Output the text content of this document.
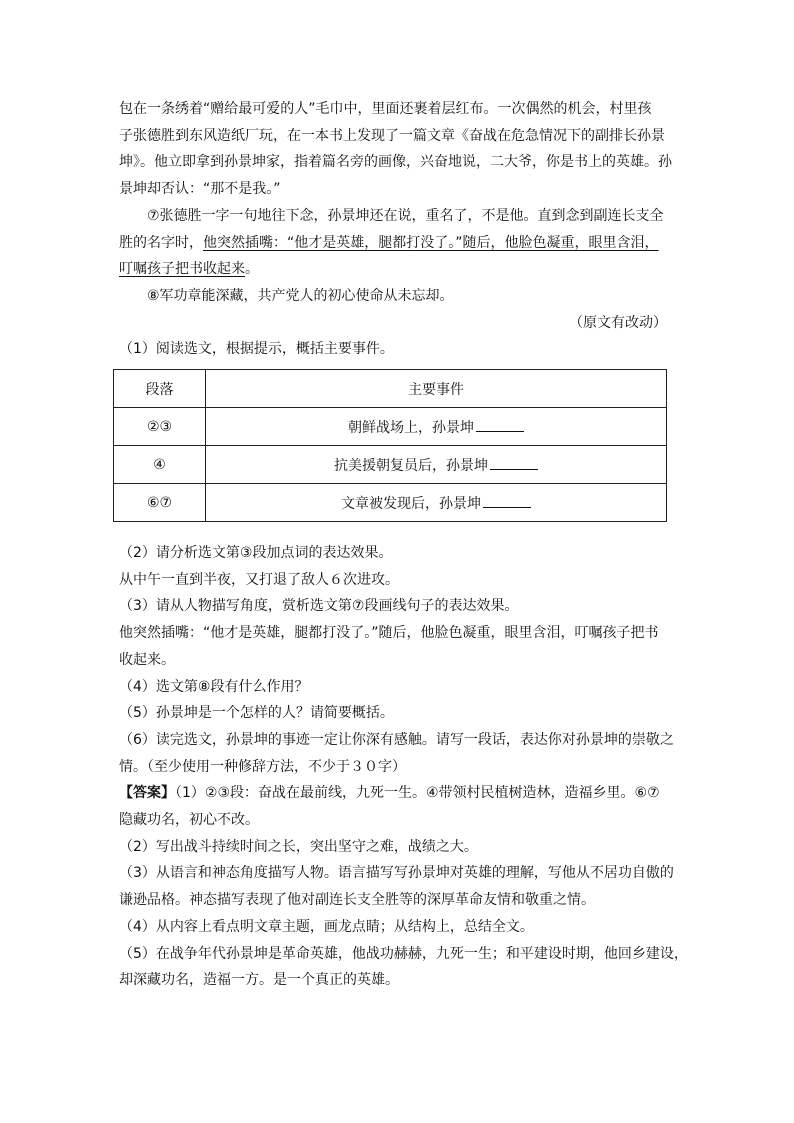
包在一条绣着“赠给最可爱的人”毛巾中，里面还裹着层红布。一次偶然的机会，村里孩

子张德胜到东风造纸厂玩，在一本书上发现了一篇文章《奋战在危急情况下的副排长孙景

坤》。他立即拿到孙景坤家，指着篇名旁的画像，兴奋地说，二大爷，你是书上的英雄。孙

景坤却否认：“那不是我。”

⑦张德胜一字一句地往下念，孙景坤还在说，重名了，不是他。直到念到副连长支全

胜的名字时，他突然插嘴：“他才是英雄，腿都打没了。”随后，他脸色凝重，眼里含泪，

叮嘱孩子把书收起来。

⑧军功章能深藏，共产党人的初心使命从未忘却。

（原文有改动）

（1）阅读选文，根据提示，概括主要事件。

段落	主要事件
②③	朝鲜战场上，孙景坤
④	抗美援朝复员后，孙景坤
⑥⑦	文章被发现后，孙景坤

（2）请分析选文第③段加点词的表达效果。

从中午一直到半夜，又打退了敌人６次进攻。

（3）请从人物描写角度，赏析选文第⑦段画线句子的表达效果。

他突然插嘴：“他才是英雄，腿都打没了。”随后，他脸色凝重，眼里含泪，叮嘱孩子把书

收起来。

（4）选文第⑧段有什么作用？

（5）孙景坤是一个怎样的人？请简要概括。

（6）读完选文，孙景坤的事迹一定让你深有感触。请写一段话，表达你对孙景坤的崇敬之

情。（至少使用一种修辞方法，不少于３０字）

【答案】（1）②③段：奋战在最前线，九死一生。④带领村民植树造林，造福乡里。⑥⑦

隐藏功名，初心不改。

（2）写出战斗持续时间之长，突出坚守之难，战绩之大。

（3）从语言和神态角度描写人物。语言描写写孙景坤对英雄的理解，写他从不居功自傲的

谦逊品格。神态描写表现了他对副连长支全胜等的深厚革命友情和敬重之情。

（4）从内容上看点明文章主题，画龙点睛；从结构上，总结全文。

（5）在战争年代孙景坤是革命英雄，他战功赫赫，九死一生；和平建设时期，他回乡建设，

却深藏功名，造福一方。是一个真正的英雄。
